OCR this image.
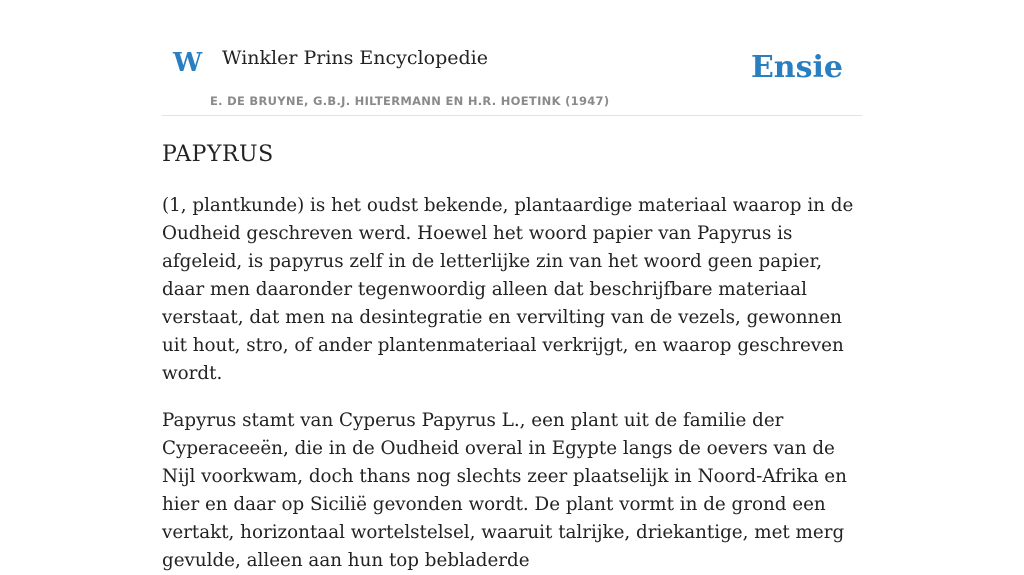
W Winkler Prins Encyclopedie
E. DE BRUYNE, G.B.J. HILTERMANN EN H.R. HOETINK (1947)
Ensie
PAPYRUS

(1, plantkunde) is het oudst bekende, plantaardige materiaal waarop in de Oudheid geschreven werd. Hoewel het woord papier van Papyrus is afgeleid, is papyrus zelf in de letterlijke zin van het woord geen papier, daar men daaronder tegenwoordig alleen dat beschrijfbare materiaal verstaat, dat men na desintegratie en vervilting van de vezels, gewonnen uit hout, stro, of ander plantenmateriaal verkrijgt, en waarop geschreven wordt.

Papyrus stamt van Cyperus Papyrus L., een plant uit de familie der Cyperaceeën, die in de Oudheid overal in Egypte langs de oevers van de Nijl voorkwam, doch thans nog slechts zeer plaatselijk in Noord-Afrika en hier en daar op Sicilië gevonden wordt. De plant vormt in de grond een vertakt, horizontaal wortelstelsel, waaruit talrijke, driekantige, met merg gevulde, alleen aan hun top bebladerde
